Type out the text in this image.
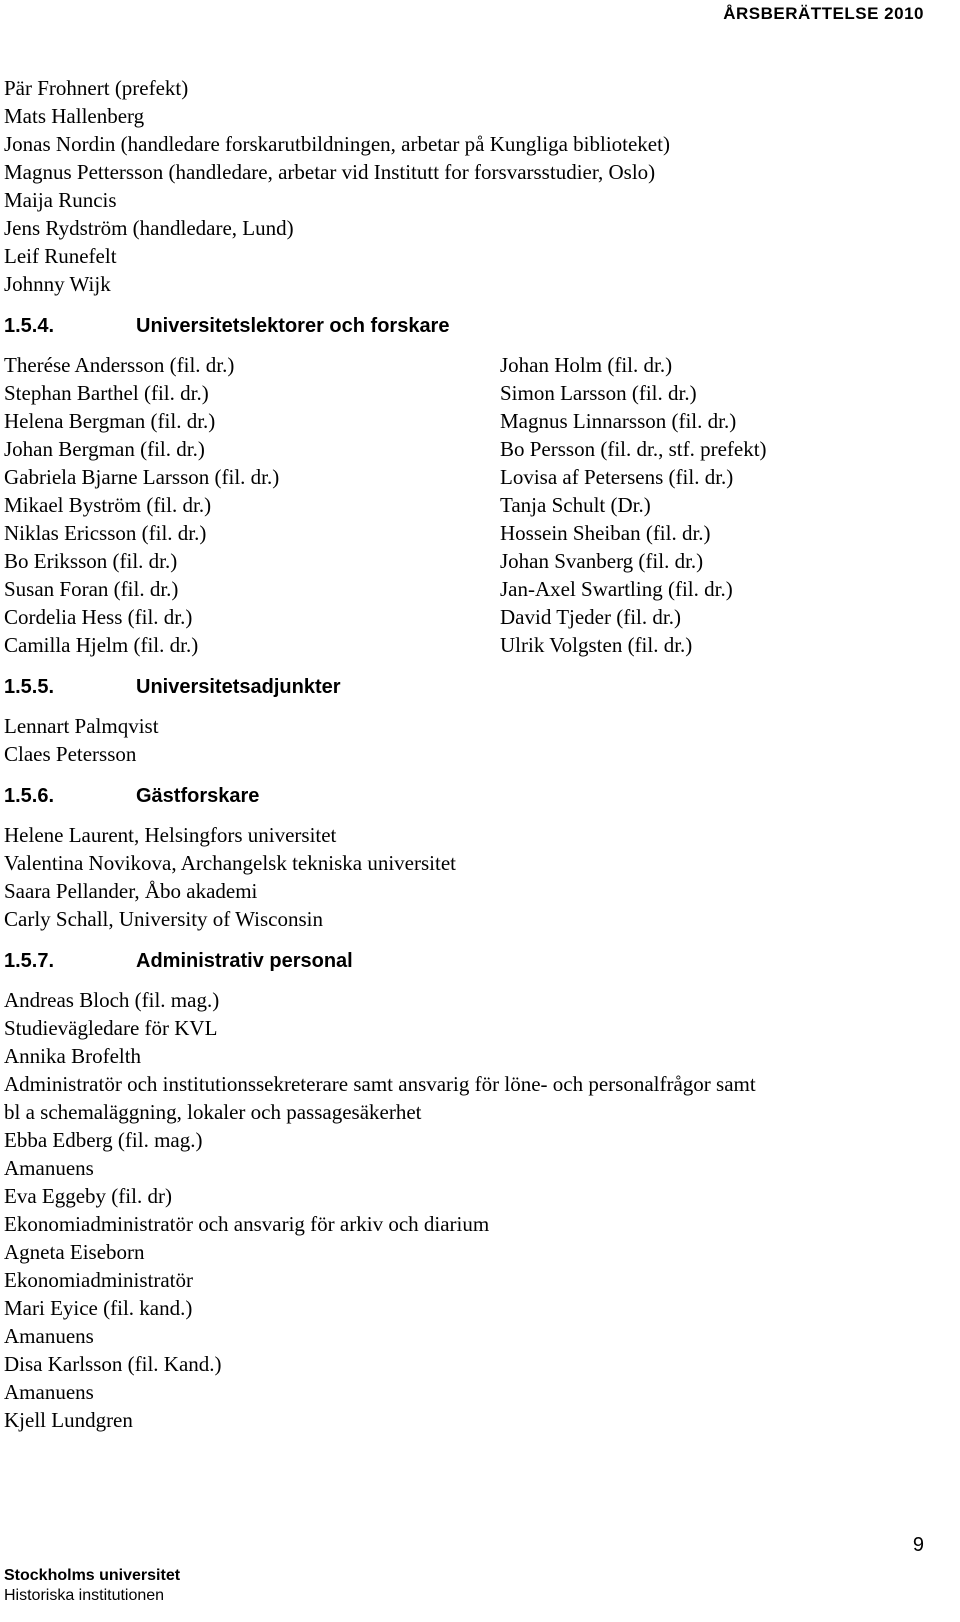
ÅRSBERÄTTELSE 2010
Pär Frohnert (prefekt)
Mats Hallenberg
Jonas Nordin (handledare forskarutbildningen, arbetar på Kungliga biblioteket)
Magnus Pettersson (handledare, arbetar vid Institutt for forsvarsstudier, Oslo)
Maija Runcis
Jens Rydström (handledare, Lund)
Leif Runefelt
Johnny Wijk
1.5.4.	Universitetslektorer och forskare
Therése Andersson (fil. dr.)
Stephan Barthel (fil. dr.)
Helena Bergman (fil. dr.)
Johan Bergman (fil. dr.)
Gabriela Bjarne Larsson (fil. dr.)
Mikael Byström (fil. dr.)
Niklas Ericsson (fil. dr.)
Bo Eriksson (fil. dr.)
Susan Foran (fil. dr.)
Cordelia Hess (fil. dr.)
Camilla Hjelm (fil. dr.)
Johan Holm (fil. dr.)
Simon Larsson (fil. dr.)
Magnus Linnarsson (fil. dr.)
Bo Persson (fil. dr., stf. prefekt)
Lovisa af Petersens (fil. dr.)
Tanja Schult (Dr.)
Hossein Sheiban (fil. dr.)
Johan Svanberg (fil. dr.)
Jan-Axel Swartling (fil. dr.)
David Tjeder (fil. dr.)
Ulrik Volgsten (fil. dr.)
1.5.5.	Universitetsadjunkter
Lennart Palmqvist
Claes Petersson
1.5.6.	Gästforskare
Helene Laurent, Helsingfors universitet
Valentina Novikova, Archangelsk tekniska universitet
Saara Pellander, Åbo akademi
Carly Schall, University of Wisconsin
1.5.7.	Administrativ personal
Andreas Bloch (fil. mag.)
Studievägledare för KVL
Annika Brofelth
Administratör och institutionssekreterare samt ansvarig för löne- och personalfrågor samt
bl a schemaläggning, lokaler och passagesäkerhet
Ebba Edberg (fil. mag.)
Amanuens
Eva Eggeby (fil. dr)
Ekonomiadministratör och ansvarig för arkiv och diarium
Agneta Eiseborn
Ekonomiadministratör
Mari Eyice (fil. kand.)
Amanuens
Disa Karlsson (fil. Kand.)
Amanuens
Kjell Lundgren
9
Stockholms universitet
Historiska institutionen
